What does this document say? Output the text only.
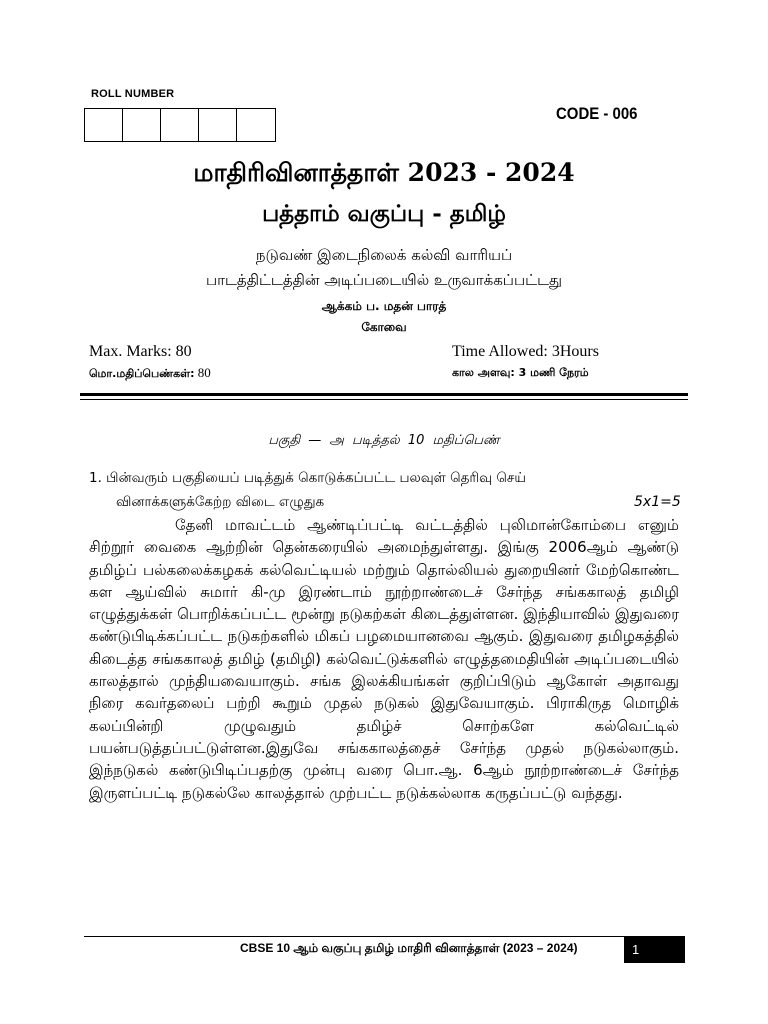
ROLL NUMBER
CODE - 006
மாதிரிவினாத்தாள் 2023 - 2024
பத்தாம் வகுப்பு - தமிழ்
நடுவண் இடைநிலைக் கல்வி வாரியப்
பாடத்திட்டத்தின் அடிப்படையில் உருவாக்கப்பட்டது
ஆக்கம் ப. மதன் பாரத்
கோவை
Max. Marks: 80
மொ.மதிப்பெண்கள்: 80
Time Allowed: 3Hours
கால அளவு: 3 மணி நேரம்
பகுதி — அ படித்தல் 10 மதிப்பெண்
1. பின்வரும் பகுதியைப் படித்துக் கொடுக்கப்பட்ட பலவுள் தெரிவு செய்
வினாக்களுக்கேற்ற விடை எழுதுக	5x1=5
தேனி மாவட்டம் ஆண்டிப்பட்டி வட்டத்தில் புலிமான்கோம்பை எனும் சிற்றூர் வைகை ஆற்றின் தென்கரையில் அமைந்துள்ளது. இங்கு 2006ஆம் ஆண்டு தமிழ்ப் பல்கலைக்கழகக் கல்வெட்டியல் மற்றும் தொல்லியல் துறையினர் மேற்கொண்ட கள ஆய்வில் சுமார் கி-மு இரண்டாம் நூற்றாண்டைச் சேர்ந்த சங்ககாலத் தமிழி எழுத்துக்கள் பொறிக்கப்பட்ட மூன்று நடுகற்கள் கிடைத்துள்ளன. இந்தியாவில் இதுவரை கண்டுபிடிக்கப்பட்ட நடுகற்களில் மிகப் பழமையானவை ஆகும். இதுவரை தமிழகத்தில் கிடைத்த சங்ககாலத் தமிழ் (தமிழி) கல்வெட்டுக்களில் எழுத்தமைதியின் அடிப்படையில் காலத்தால் முந்தியவையாகும். சங்க இலக்கியங்கள் குறிப்பிடும் ஆகோள் அதாவது நிரை கவர்தலைப் பற்றி கூறும் முதல் நடுகல் இதுவேயாகும். பிராகிருத மொழிக் கலப்பின்றி முழுவதும் தமிழ்ச் சொற்களே கல்வெட்டில் பயன்படுத்தப்பட்டுள்ளன.இதுவே சங்ககாலத்தைச் சேர்ந்த முதல் நடுகல்லாகும். இந்நடுகல் கண்டுபிடிப்பதற்கு முன்பு வரை பொ.ஆ. 6ஆம் நூற்றாண்டைச் சேர்ந்த இருளப்பட்டி நடுகல்லே காலத்தால் முற்பட்ட நடுக்கல்லாக கருதப்பட்டு வந்தது.
CBSE 10 ஆம் வகுப்பு தமிழ் மாதிரி வினாத்தாள் (2023 – 2024)	1
